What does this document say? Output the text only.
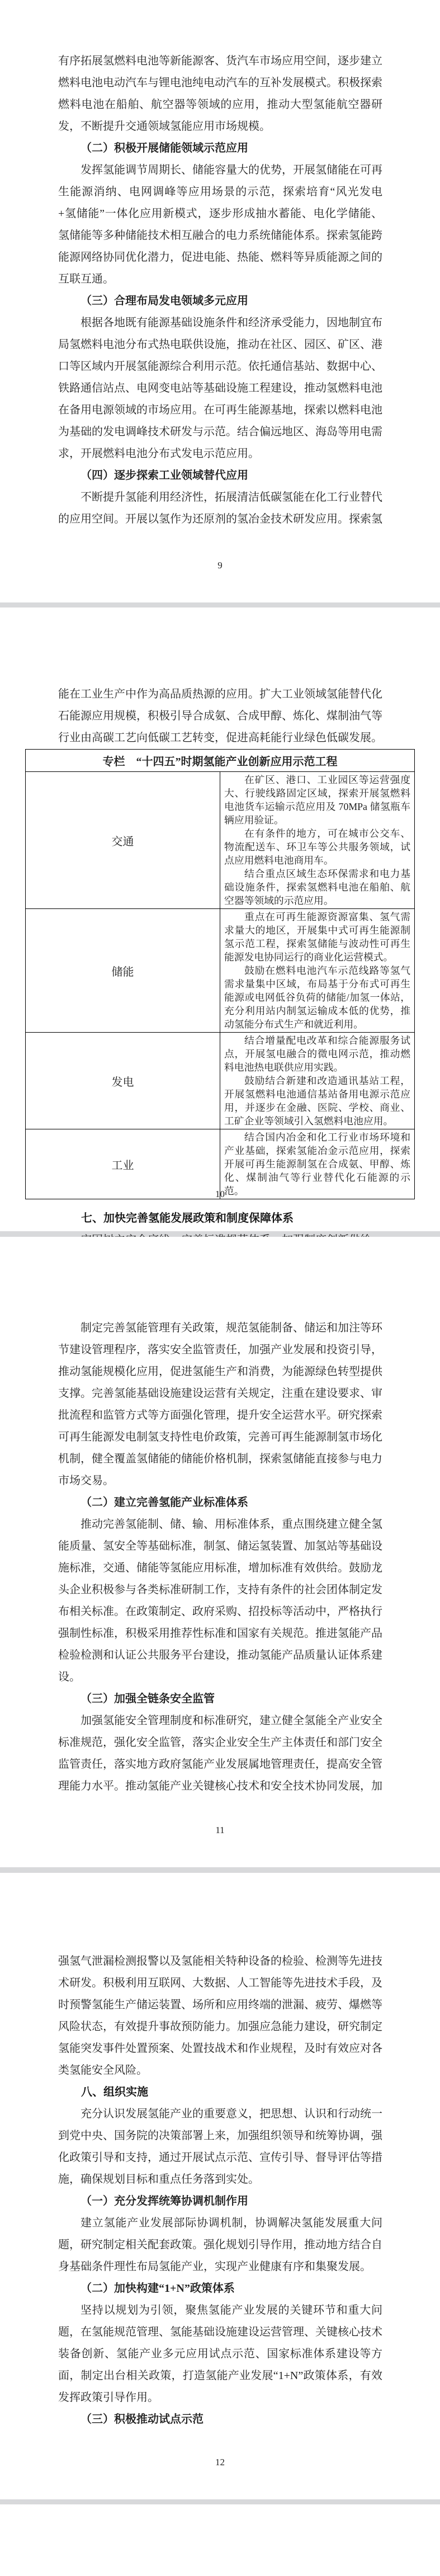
有序拓展氢燃料电池等新能源客、货汽车市场应用空间，逐步建立燃料电池电动汽车与锂电池纯电动汽车的互补发展模式。积极探索燃料电池在船舶、航空器等领域的应用，推动大型氢能航空器研发，不断提升交通领域氢能应用市场规模。

（二）积极开展储能领域示范应用

发挥氢能调节周期长、储能容量大的优势，开展氢储能在可再生能源消纳、电网调峰等应用场景的示范，探索培育“风光发电+氢储能”一体化应用新模式，逐步形成抽水蓄能、电化学储能、氢储能等多种储能技术相互融合的电力系统储能体系。探索氢能跨能源网络协同优化潜力，促进电能、热能、燃料等异质能源之间的互联互通。

（三）合理布局发电领域多元应用

根据各地既有能源基础设施条件和经济承受能力，因地制宜布局氢燃料电池分布式热电联供设施，推动在社区、园区、矿区、港口等区域内开展氢能源综合利用示范。依托通信基站、数据中心、铁路通信站点、电网变电站等基础设施工程建设，推动氢燃料电池在备用电源领域的市场应用。在可再生能源基地，探索以燃料电池为基础的发电调峰技术研发与示范。结合偏远地区、海岛等用电需求，开展燃料电池分布式发电示范应用。

（四）逐步探索工业领域替代应用

不断提升氢能利用经济性，拓展清洁低碳氢能在化工行业替代的应用空间。开展以氢作为还原剂的氢冶金技术研发应用。探索氢

9

能在工业生产中作为高品质热源的应用。扩大工业领域氢能替代化石能源应用规模，积极引导合成氨、合成甲醇、炼化、煤制油气等行业由高碳工艺向低碳工艺转变，促进高耗能行业绿色低碳发展。

专栏　“十四五”时期氢能产业创新应用示范工程	
交通	在矿区、港口、工业园区等运营强度大、行驶线路固定区域，探索开展氢燃料电池货车运输示范应用及 70MPa 储氢瓶车辆应用验证。

在有条件的地方，可在城市公交车、物流配送车、环卫车等公共服务领域，试点应用燃料电池商用车。

结合重点区域生态环保需求和电力基础设施条件，探索氢燃料电池在船舶、航空器等领域的示范应用。

储能	重点在可再生能源资源富集、氢气需求量大的地区，开展集中式可再生能源制氢示范工程，探索氢储能与波动性可再生能源发电协同运行的商业化运营模式。

鼓励在燃料电池汽车示范线路等氢气需求量集中区域，布局基于分布式可再生能源或电网低谷负荷的储能/加氢一体站，充分利用站内制氢运输成本低的优势，推动氢能分布式生产和就近利用。

发电	结合增量配电改革和综合能源服务试点，开展氢电融合的微电网示范，推动燃料电池热电联供应用实践。

鼓励结合新建和改造通讯基站工程，开展氢燃料电池通信基站备用电源示范应用，并逐步在金融、医院、学校、商业、工矿企业等领域引入氢燃料电池应用。

工业	结合国内冶金和化工行业市场环境和产业基础，探索氢能冶金示范应用，探索开展可再生能源制氢在合成氨、甲醇、炼化、煤制油气等行业替代化石能源的示范。

七、加快完善氢能发展政策和制度保障体系

10

制定完善氢能管理有关政策，规范氢能制备、储运和加注等环节建设管理程序，落实安全监管责任，加强产业发展和投资引导，推动氢能规模化应用，促进氢能生产和消费，为能源绿色转型提供支撑。完善氢能基础设施建设运营有关规定，注重在建设要求、审批流程和监管方式等方面强化管理，提升安全运营水平。研究探索可再生能源发电制氢支持性电价政策，完善可再生能源制氢市场化机制，健全覆盖氢储能的储能价格机制，探索氢储能直接参与电力市场交易。

（二）建立完善氢能产业标准体系

推动完善氢能制、储、输、用标准体系，重点围绕建立健全氢能质量、氢安全等基础标准，制氢、储运氢装置、加氢站等基础设施标准，交通、储能等氢能应用标准，增加标准有效供给。鼓励龙头企业积极参与各类标准研制工作，支持有条件的社会团体制定发布相关标准。在政策制定、政府采购、招投标等活动中，严格执行强制性标准，积极采用推荐性标准和国家有关规范。推进氢能产品检验检测和认证公共服务平台建设，推动氢能产品质量认证体系建设。

（三）加强全链条安全监管

加强氢能安全管理制度和标准研究，建立健全氢能全产业安全标准规范，强化安全监管，落实企业安全生产主体责任和部门安全监管责任，落实地方政府氢能产业发展属地管理责任，提高安全管理能力水平。推动氢能产业关键核心技术和安全技术协同发展，加

11

强氢气泄漏检测报警以及氢能相关特种设备的检验、检测等先进技术研发。积极利用互联网、大数据、人工智能等先进技术手段，及时预警氢能生产储运装置、场所和应用终端的泄漏、疲劳、爆燃等风险状态，有效提升事故预防能力。加强应急能力建设，研究制定氢能突发事件处置预案、处置技战术和作业规程，及时有效应对各类氢能安全风险。

八、组织实施

充分认识发展氢能产业的重要意义，把思想、认识和行动统一到党中央、国务院的决策部署上来，加强组织领导和统筹协调，强化政策引导和支持，通过开展试点示范、宣传引导、督导评估等措施，确保规划目标和重点任务落到实处。

（一）充分发挥统筹协调机制作用

建立氢能产业发展部际协调机制，协调解决氢能发展重大问题，研究制定相关配套政策。强化规划引导作用，推动地方结合自身基础条件理性布局氢能产业，实现产业健康有序和集聚发展。

（二）加快构建“1+N”政策体系

坚持以规划为引领，聚焦氢能产业发展的关键环节和重大问题，在氢能规范管理、氢能基础设施建设运营管理、关键核心技术装备创新、氢能产业多元应用试点示范、国家标准体系建设等方面，制定出台相关政策，打造氢能产业发展“1+N”政策体系，有效发挥政策引导作用。

（三）积极推动试点示范
12
